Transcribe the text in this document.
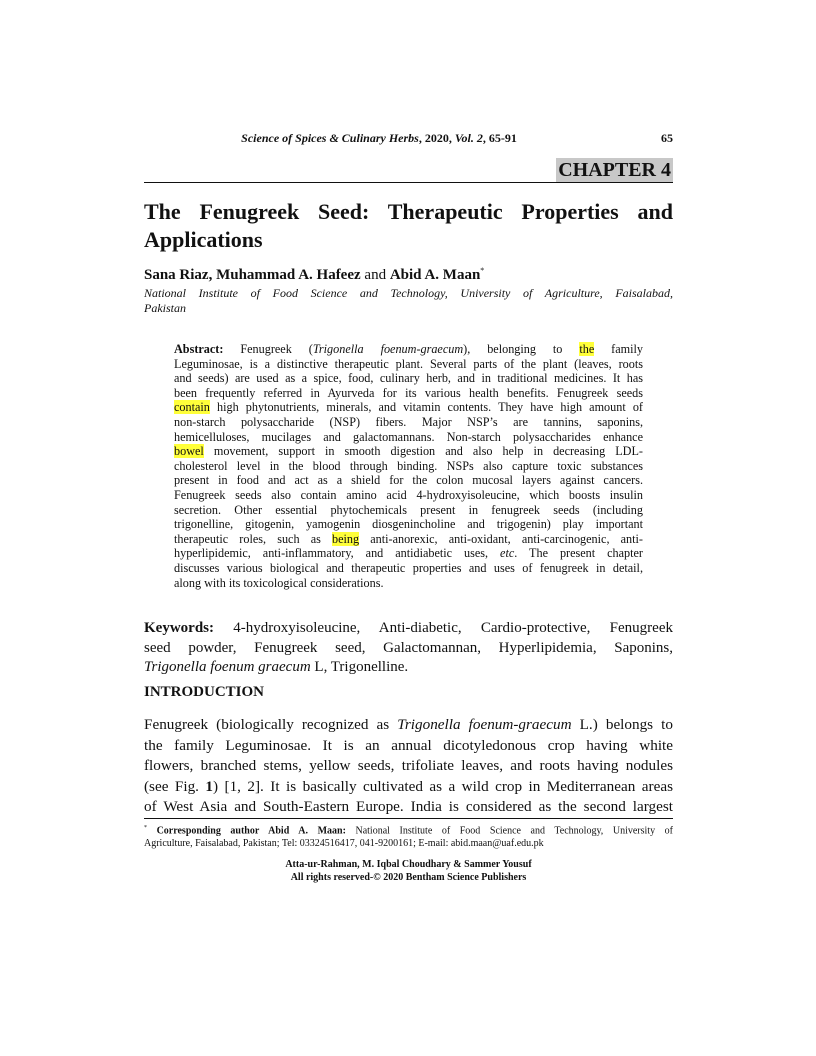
Science of Spices & Culinary Herbs, 2020, Vol. 2, 65-91	65
CHAPTER 4
The Fenugreek Seed: Therapeutic Properties and
Applications
Sana Riaz, Muhammad A. Hafeez and Abid A. Maan*
National Institute of Food Science and Technology, University of Agriculture, Faisalabad,
Pakistan
Abstract: Fenugreek (Trigonella foenum-graecum), belonging to the family
Leguminosae, is a distinctive therapeutic plant. Several parts of the plant (leaves, roots
and seeds) are used as a spice, food, culinary herb, and in traditional medicines. It has
been frequently referred in Ayurveda for its various health benefits. Fenugreek seeds
contain high phytonutrients, minerals, and vitamin contents. They have high amount of
non-starch polysaccharide (NSP) fibers. Major NSP’s are tannins, saponins,
hemicelluloses, mucilages and galactomannans. Non-starch polysaccharides enhance
bowel movement, support in smooth digestion and also help in decreasing LDL-
cholesterol level in the blood through binding. NSPs also capture toxic substances
present in food and act as a shield for the colon mucosal layers against cancers.
Fenugreek seeds also contain amino acid 4-hydroxyisoleucine, which boosts insulin
secretion. Other essential phytochemicals present in fenugreek seeds (including
trigonelline, gitogenin, yamogenin diosgenincholine and trigogenin) play important
therapeutic roles, such as being anti-anorexic, anti-oxidant, anti-carcinogenic, anti-
hyperlipidemic, anti-inflammatory, and antidiabetic uses, etc. The present chapter
discusses various biological and therapeutic properties and uses of fenugreek in detail,
along with its toxicological considerations.
Keywords: 4-hydroxyisoleucine, Anti-diabetic, Cardio-protective, Fenugreek
seed powder, Fenugreek seed, Galactomannan, Hyperlipidemia, Saponins,
Trigonella foenum graecum L, Trigonelline.
INTRODUCTION
Fenugreek (biologically recognized as Trigonella foenum-graecum L.) belongs to
the family Leguminosae. It is an annual dicotyledonous crop having white
flowers, branched stems, yellow seeds, trifoliate leaves, and roots having nodules
(see Fig. 1) [1, 2]. It is basically cultivated as a wild crop in Mediterranean areas
of West Asia and South-Eastern Europe. India is considered as the second largest
* Corresponding author Abid A. Maan: National Institute of Food Science and Technology, University of
Agriculture, Faisalabad, Pakistan; Tel: 03324516417, 041-9200161; E-mail: abid.maan@uaf.edu.pk
Atta-ur-Rahman, M. Iqbal Choudhary & Sammer Yousuf
All rights reserved-© 2020 Bentham Science Publishers
